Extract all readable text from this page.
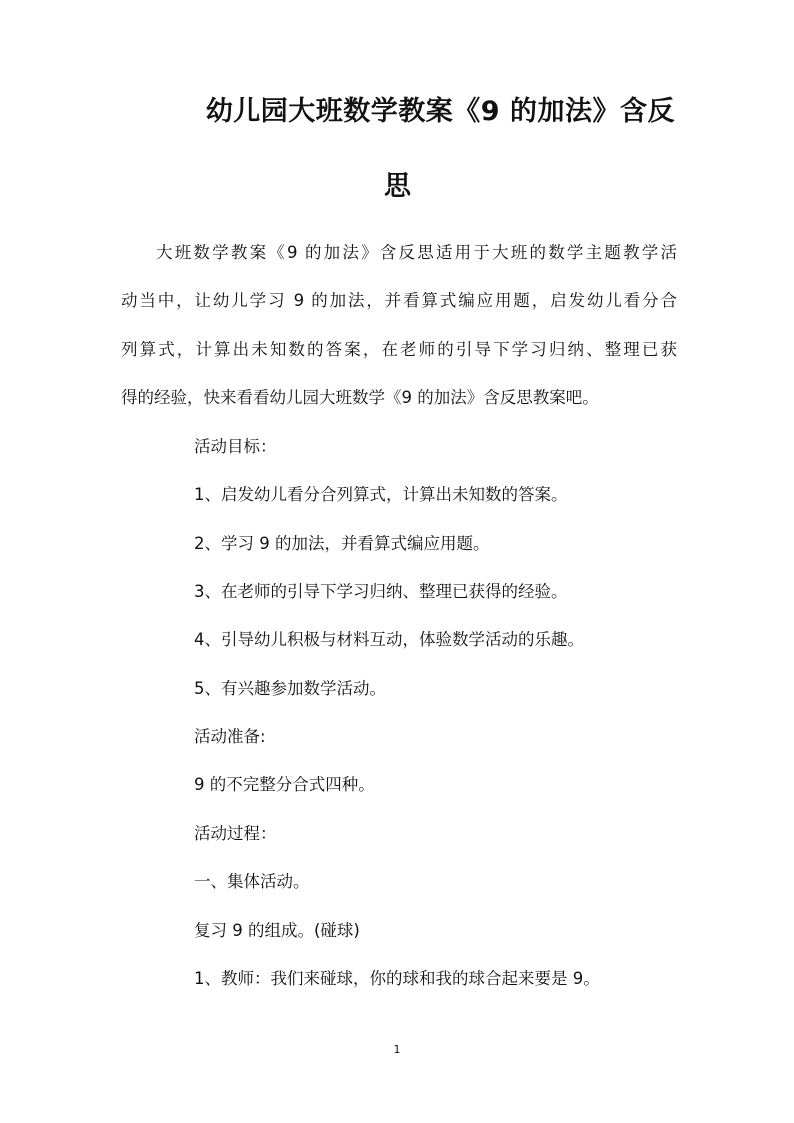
幼儿园大班数学教案《9 的加法》含反
思
大班数学教案《9 的加法》含反思适用于大班的数学主题教学活
动当中，让幼儿学习 9 的加法，并看算式编应用题，启发幼儿看分合
列算式，计算出未知数的答案，在老师的引导下学习归纳、整理已获
得的经验，快来看看幼儿园大班数学《9 的加法》含反思教案吧。
活动目标：
1、启发幼儿看分合列算式，计算出未知数的答案。
2、学习 9 的加法，并看算式编应用题。
3、在老师的引导下学习归纳、整理已获得的经验。
4、引导幼儿积极与材料互动，体验数学活动的乐趣。
5、有兴趣参加数学活动。
活动准备:
9 的不完整分合式四种。
活动过程：
一、集体活动。
复习 9 的组成。(碰球)
1、教师：我们来碰球，你的球和我的球合起来要是 9。
1
